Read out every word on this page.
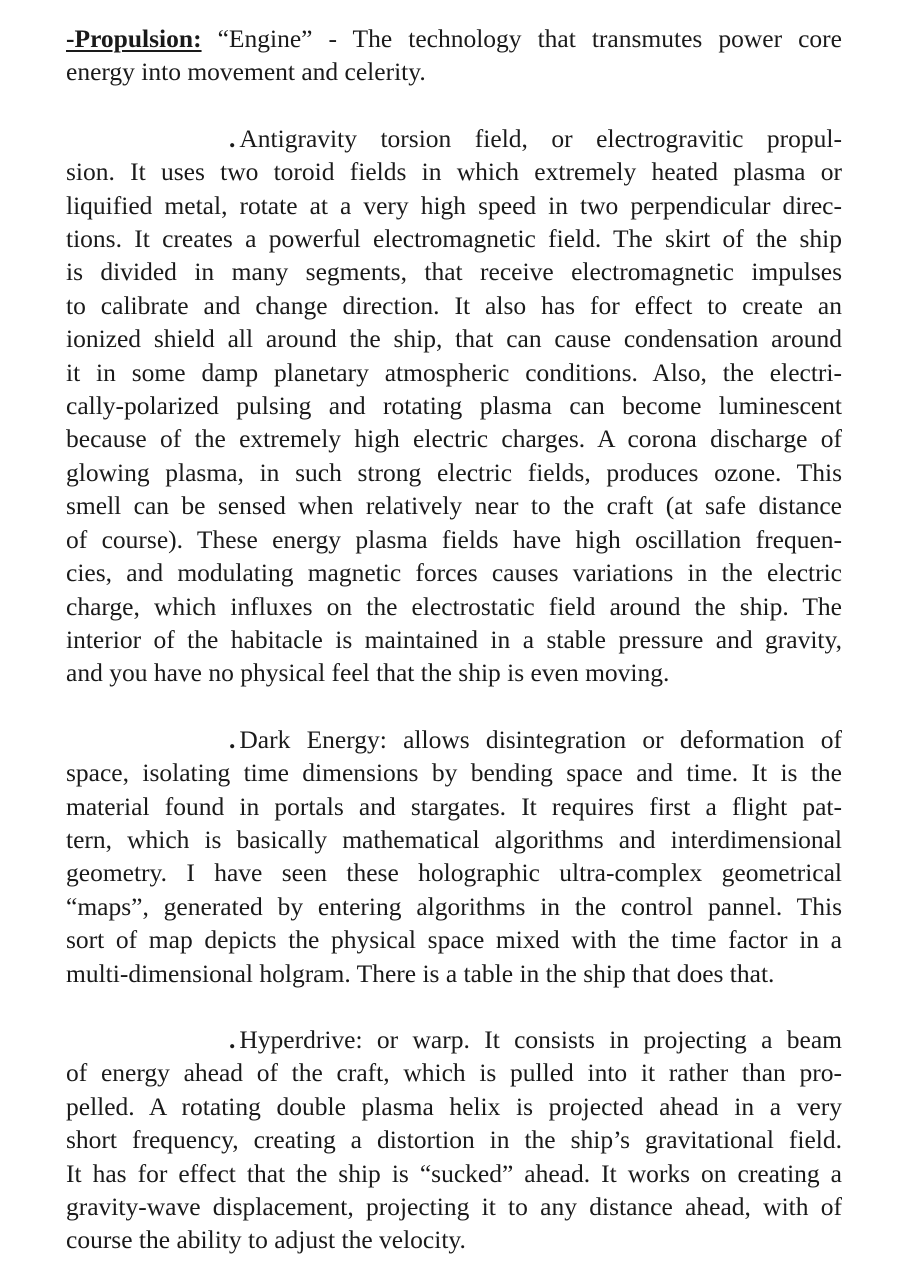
-Propulsion: “Engine” - The technology that transmutes power core
energy into movement and celerity.

. Antigravity torsion field, or electrogravitic propul-
sion. It uses two toroid fields in which extremely heated plasma or
liquified metal, rotate at a very high speed in two perpendicular direc-
tions. It creates a powerful electromagnetic field. The skirt of the ship
is divided in many segments, that receive electromagnetic impulses
to calibrate and change direction. It also has for effect to create an
ionized shield all around the ship, that can cause condensation around
it in some damp planetary atmospheric conditions. Also, the electri-
cally-polarized pulsing and rotating plasma can become luminescent
because of the extremely high electric charges. A corona discharge of
glowing plasma, in such strong electric fields, produces ozone. This
smell can be sensed when relatively near to the craft (at safe distance
of course). These energy plasma fields have high oscillation frequen-
cies, and modulating magnetic forces causes variations in the electric
charge, which influxes on the electrostatic field around the ship. The
interior of the habitacle is maintained in a stable pressure and gravity,
and you have no physical feel that the ship is even moving.

. Dark Energy: allows disintegration or deformation of
space, isolating time dimensions by bending space and time. It is the
material found in portals and stargates. It requires first a flight pat-
tern, which is basically mathematical algorithms and interdimensional
geometry. I have seen these holographic ultra-complex geometrical
“maps”, generated by entering algorithms in the control pannel. This
sort of map depicts the physical space mixed with the time factor in a
multi-dimensional holgram. There is a table in the ship that does that.

. Hyperdrive: or warp. It consists in projecting a beam
of energy ahead of the craft, which is pulled into it rather than pro-
pelled. A rotating double plasma helix is projected ahead in a very
short frequency, creating a distortion in the ship’s gravitational field.
It has for effect that the ship is “sucked” ahead. It works on creating a
gravity-wave displacement, projecting it to any distance ahead, with of
course the ability to adjust the velocity.
